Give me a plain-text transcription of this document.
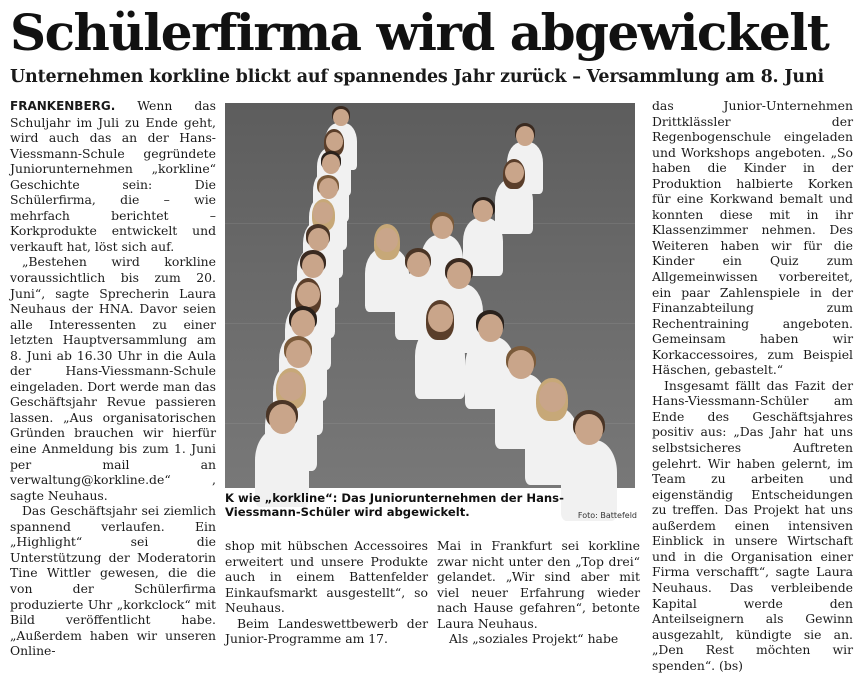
Schülerfirma wird abgewickelt
Unternehmen korkline blickt auf spannendes Jahr zurück – Versammlung am 8. Juni

FRANKENBERG. Wenn das Schuljahr im Juli zu Ende geht, wird auch das an der Hans-Viessmann-Schule gegründete Juniorunternehmen „korkline“ Geschichte sein: Die Schülerfirma, die – wie mehrfach berichtet – Korkprodukte entwickelt und verkauft hat, löst sich auf.

„Bestehen wird korkline voraussichtlich bis zum 20. Juni“, sagte Sprecherin Laura Neuhaus der HNA. Davor seien alle Interessenten zu einer letzten Hauptversammlung am 8. Juni ab 16.30 Uhr in die Aula der Hans-Viessmann-Schule eingeladen. Dort werde man das Geschäftsjahr Revue passieren lassen. „Aus organisatorischen Gründen brauchen wir hierfür eine Anmeldung bis zum 1. Juni per mail an verwaltung@korkline.de“ , sagte Neuhaus.

Das Geschäftsjahr sei ziemlich spannend verlaufen. Ein „Highlight“ sei die Unterstützung der Moderatorin Tine Wittler gewesen, die die von der Schülerfirma produzierte Uhr „korkclock“ mit Bild veröffentlicht habe. „Außerdem haben wir unseren Online-

K wie „korkline“: Das Juniorunternehmen der Hans-Viessmann-Schüler wird abgewickelt.	Foto: Battefeld

shop mit hübschen Accessoires erweitert und unsere Produkte auch in einem Battenfelder Einkaufsmarkt ausgestellt“, so Neuhaus.

Beim Landeswettbewerb der Junior-Programme am 17.

Mai in Frankfurt sei korkline zwar nicht unter den „Top drei“ gelandet. „Wir sind aber mit viel neuer Erfahrung wieder nach Hause gefahren“, betonte Laura Neuhaus.

Als „soziales Projekt“ habe

das Junior-Unternehmen Drittklässler der Regenbogenschule eingeladen und Workshops angeboten. „So haben die Kinder in der Produktion halbierte Korken für eine Korkwand bemalt und konnten diese mit in ihr Klassenzimmer nehmen. Des Weiteren haben wir für die Kinder ein Quiz zum Allgemeinwissen vorbereitet, ein paar Zahlenspiele in der Finanzabteilung zum Rechentraining angeboten. Gemeinsam haben wir Korkaccessoires, zum Beispiel Häschen, gebastelt.“

Insgesamt fällt das Fazit der Hans-Viessmann-Schüler am Ende des Geschäftsjahres positiv aus: „Das Jahr hat uns selbstsicheres Auftreten gelehrt. Wir haben gelernt, im Team zu arbeiten und eigenständig Entscheidungen zu treffen. Das Projekt hat uns außerdem einen intensiven Einblick in unsere Wirtschaft und in die Organisation einer Firma verschafft“, sagte Laura Neuhaus. Das verbleibende Kapital werde den Anteilseignern als Gewinn ausgezahlt, kündigte sie an. „Den Rest möchten wir spenden“. (bs)
